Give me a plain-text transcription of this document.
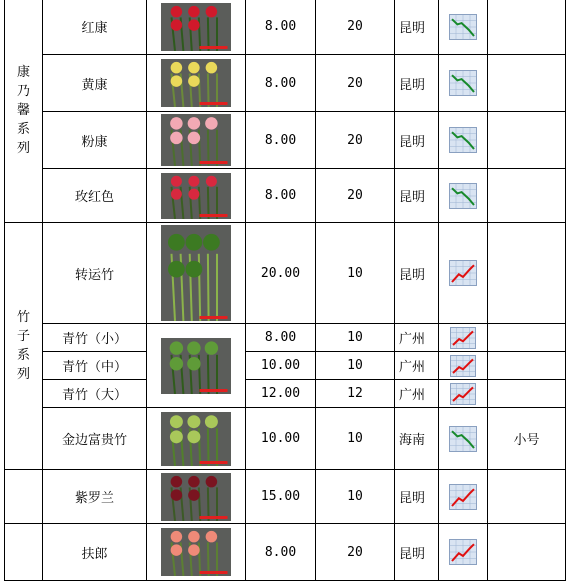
康
乃
馨
系
列	红康		8.00	20	昆明	

	黄康		8.00	20	昆明	

	粉康		8.00	20	昆明	

	玫红色		8.00	20	昆明	

竹
子
系
列	转运竹		20.00	10	昆明	

	青竹（小）		8.00	10	广州	

	青竹（中）		10.00	10	广州	

	青竹（大）		12.00	12	广州	

	金边富贵竹		10.00	10	海南		小号

	紫罗兰		15.00	10	昆明	

	扶郎		8.00	20	昆明	
